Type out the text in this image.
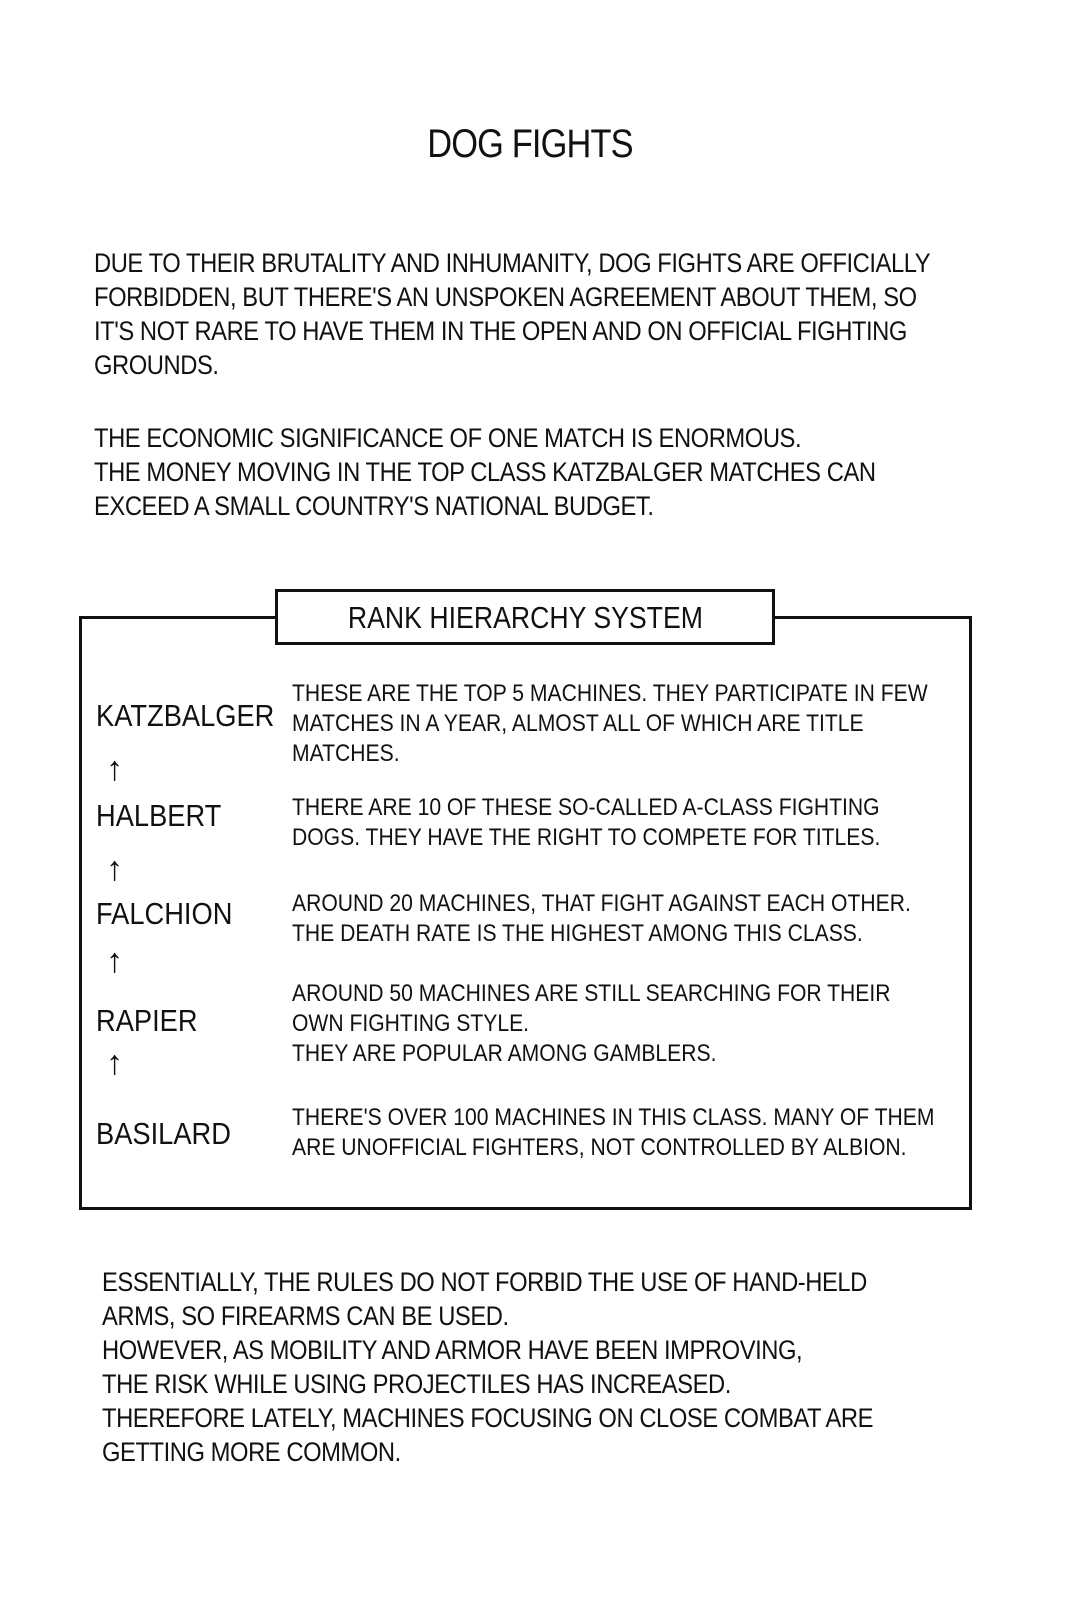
DOG FIGHTS
DUE TO THEIR BRUTALITY AND INHUMANITY, DOG FIGHTS ARE OFFICIALLY
FORBIDDEN, BUT THERE'S AN UNSPOKEN AGREEMENT ABOUT THEM, SO
IT'S NOT RARE TO HAVE THEM IN THE OPEN AND ON OFFICIAL FIGHTING
GROUNDS.
THE ECONOMIC SIGNIFICANCE OF ONE MATCH IS ENORMOUS.
THE MONEY MOVING IN THE TOP CLASS KATZBALGER MATCHES CAN
EXCEED A SMALL COUNTRY'S NATIONAL BUDGET.
RANK HIERARCHY SYSTEM
KATZBALGER
THESE ARE THE TOP 5 MACHINES. THEY PARTICIPATE IN FEW
MATCHES IN A YEAR, ALMOST ALL OF WHICH ARE TITLE
MATCHES.
↑
HALBERT	THERE ARE 10 OF THESE SO-CALLED A-CLASS FIGHTING
DOGS. THEY HAVE THE RIGHT TO COMPETE FOR TITLES.
↑
FALCHION AROUND 20 MACHINES, THAT FIGHT AGAINST EACH OTHER.
THE DEATH RATE IS THE HIGHEST AMONG THIS CLASS.
↑
RAPIER
AROUND 50 MACHINES ARE STILL SEARCHING FOR THEIR
OWN FIGHTING STYLE.
THEY ARE POPULAR AMONG GAMBLERS.
↑
BASILARD	THERE'S OVER 100 MACHINES IN THIS CLASS. MANY OF THEM
ARE UNOFFICIAL FIGHTERS, NOT CONTROLLED BY ALBION.
ESSENTIALLY, THE RULES DO NOT FORBID THE USE OF HAND-HELD
ARMS, SO FIREARMS CAN BE USED.
HOWEVER, AS MOBILITY AND ARMOR HAVE BEEN IMPROVING,
THE RISK WHILE USING PROJECTILES HAS INCREASED.
THEREFORE LATELY, MACHINES FOCUSING ON CLOSE COMBAT ARE
GETTING MORE COMMON.
